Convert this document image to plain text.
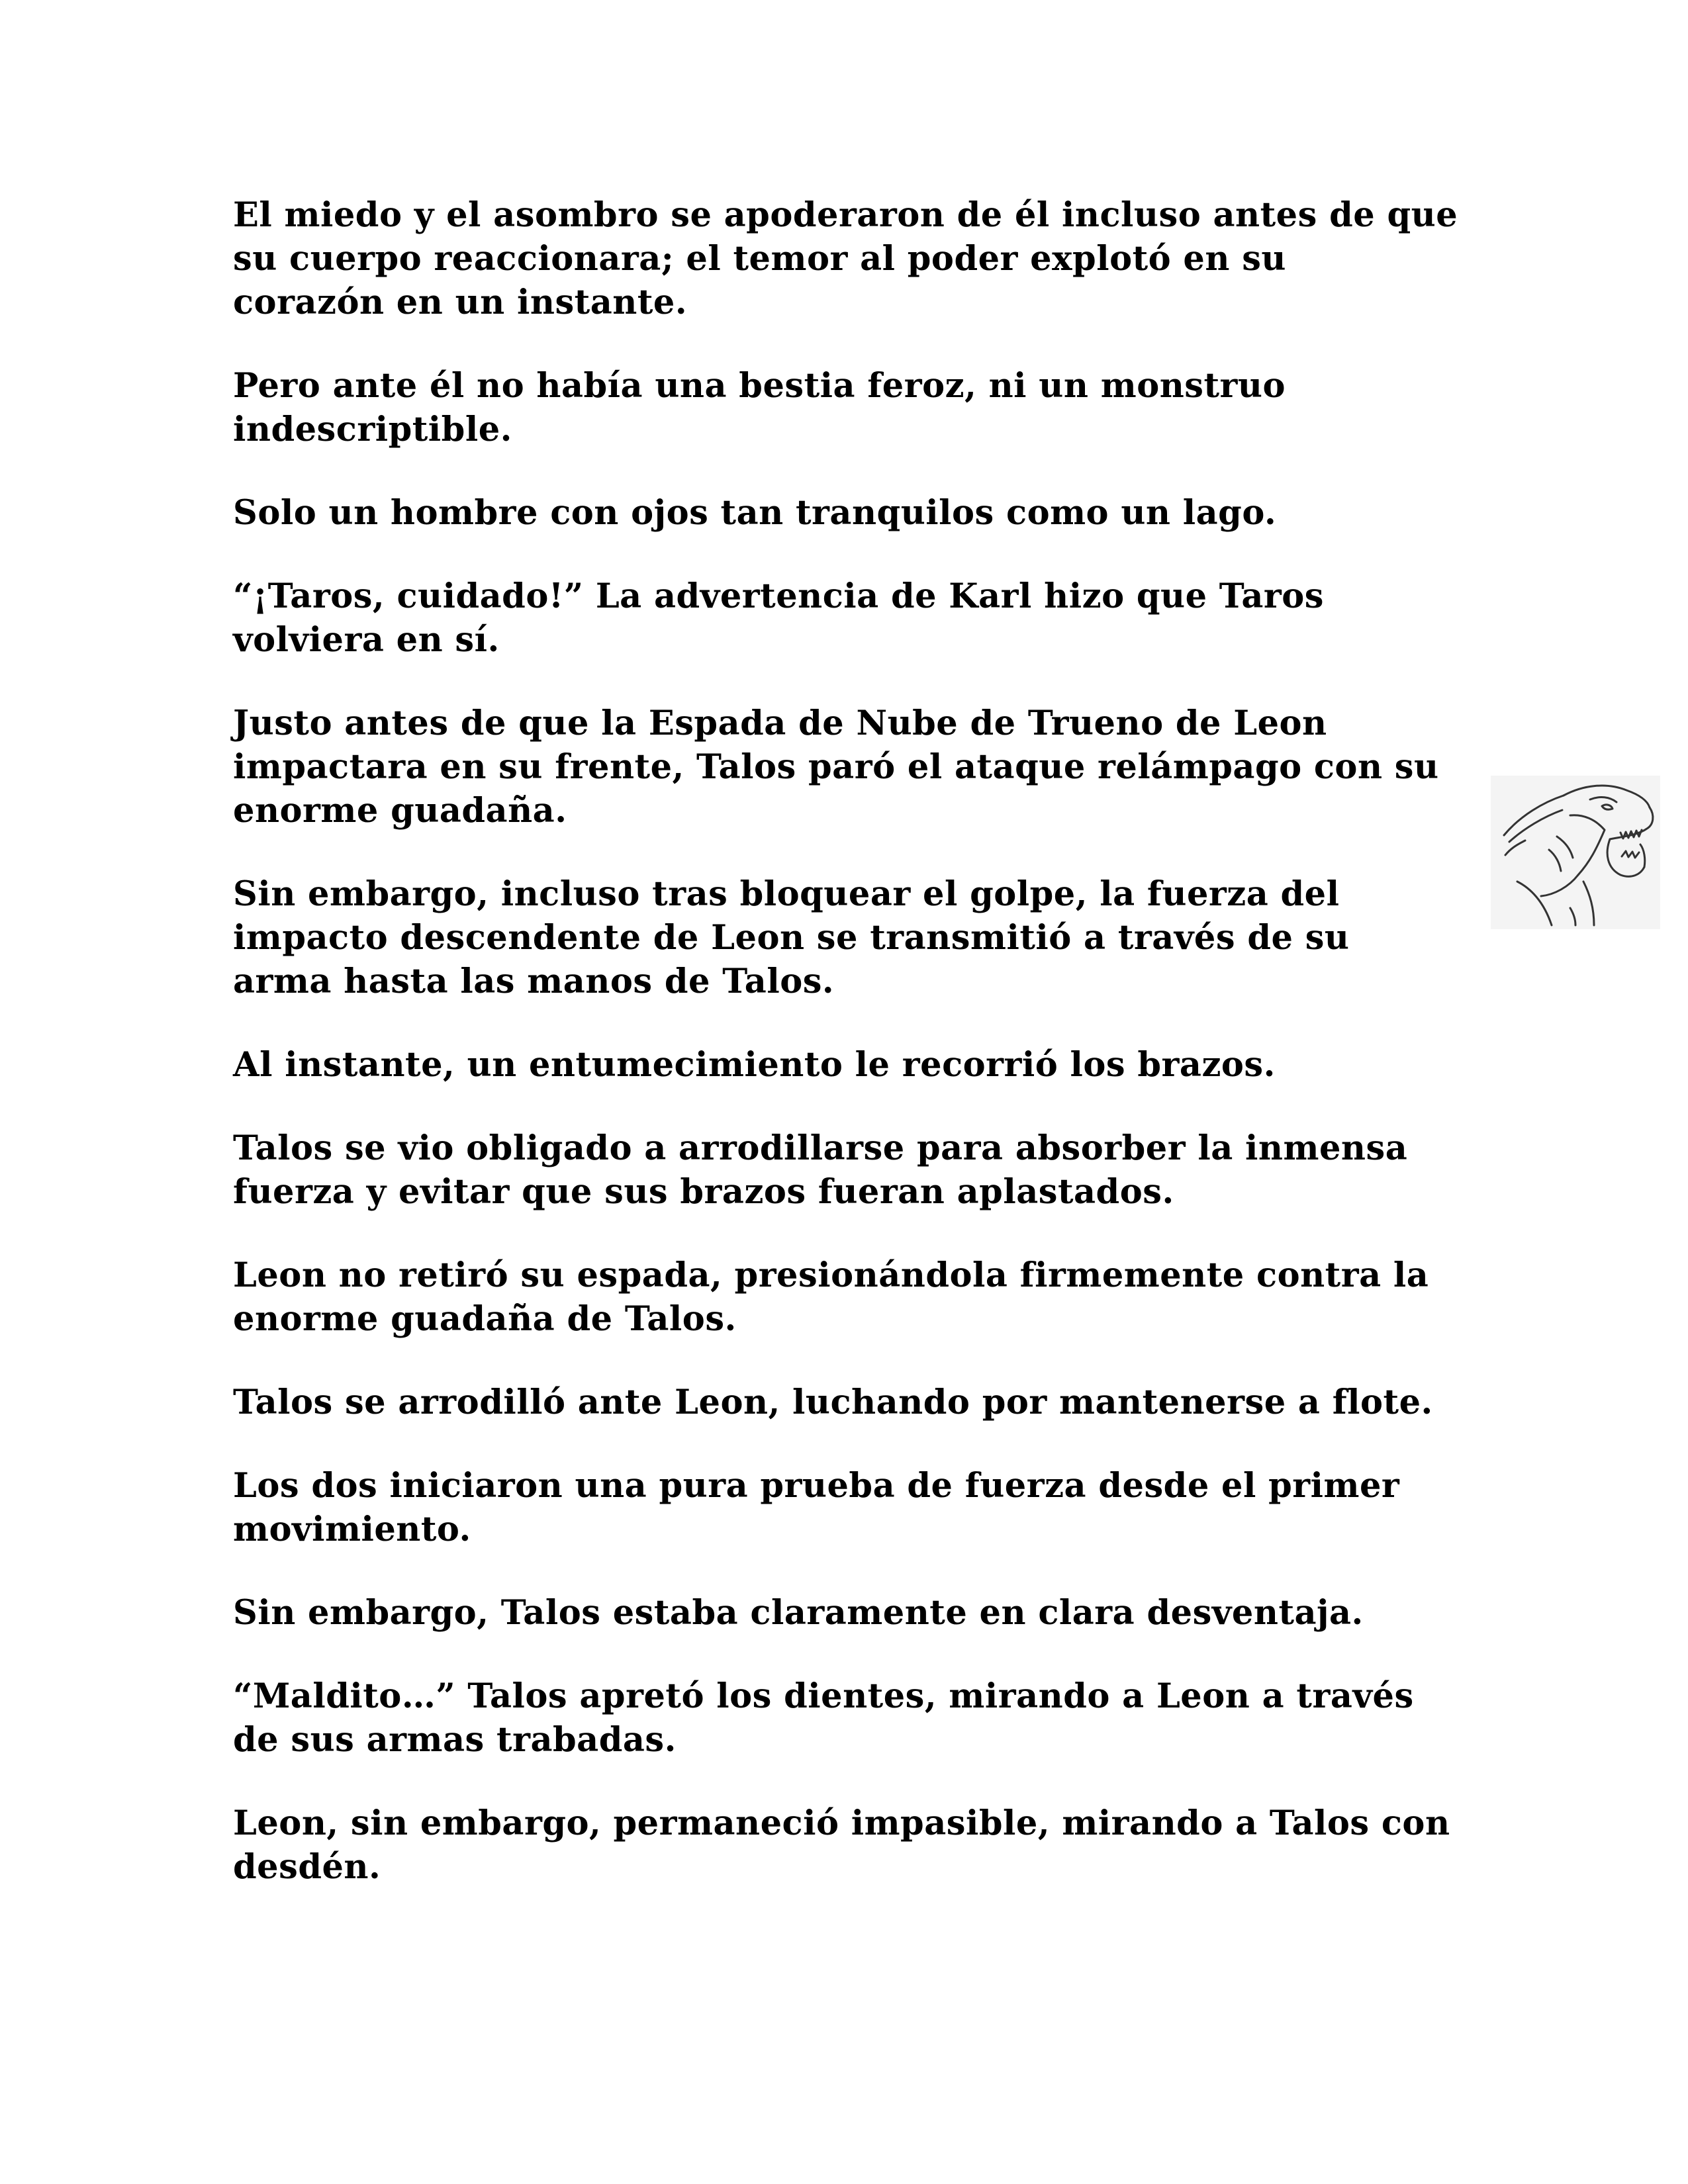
El miedo y el asombro se apoderaron de él incluso antes de que
su cuerpo reaccionara; el temor al poder explotó en su
corazón en un instante.

Pero ante él no había una bestia feroz, ni un monstruo
indescriptible.

Solo un hombre con ojos tan tranquilos como un lago.

“¡Taros, cuidado!” La advertencia de Karl hizo que Taros
volviera en sí.

Justo antes de que la Espada de Nube de Trueno de Leon
impactara en su frente, Talos paró el ataque relámpago con su
enorme guadaña.

Sin embargo, incluso tras bloquear el golpe, la fuerza del
impacto descendente de Leon se transmitió a través de su
arma hasta las manos de Talos.

Al instante, un entumecimiento le recorrió los brazos.

Talos se vio obligado a arrodillarse para absorber la inmensa
fuerza y evitar que sus brazos fueran aplastados.

Leon no retiró su espada, presionándola firmemente contra la
enorme guadaña de Talos.

Talos se arrodilló ante Leon, luchando por mantenerse a flote.

Los dos iniciaron una pura prueba de fuerza desde el primer
movimiento.

Sin embargo, Talos estaba claramente en clara desventaja.

“Maldito…” Talos apretó los dientes, mirando a Leon a través
de sus armas trabadas.

Leon, sin embargo, permaneció impasible, mirando a Talos con
desdén.
